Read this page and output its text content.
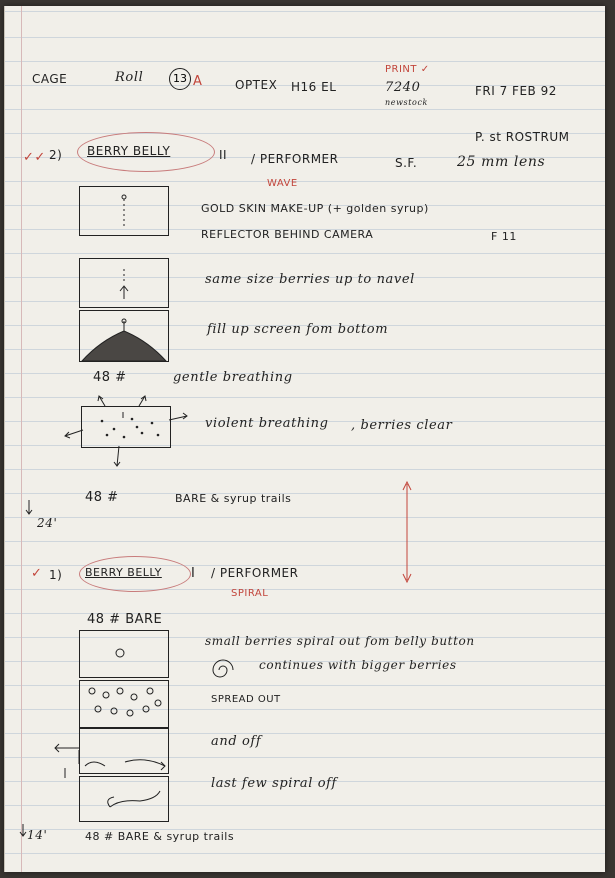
CAGE	Roll	13 A	OPTEX H16 EL
PRINT ✓
7240
newstock
FRI 7 FEB 92
P. st ROSTRUM
✓✓ 2) BERRY BELLY	II / PERFORMER
WAVE
S.F.	25 mm lens
GOLD SKIN MAKE-UP (+ golden syrup)
REFLECTOR BEHIND CAMERA	F 11
same size berries up to navel
fill up screen fom bottom
48 #	gentle breathing
violent breathing , berries clear
48 #	BARE & syrup trails
24'
✓ 1) BERRY BELLY I / PERFORMER
SPIRAL
48 # BARE
small berries spiral out fom belly button
continues with bigger berries
SPREAD OUT
and off
last few spiral off
14'	48 # BARE & syrup trails
